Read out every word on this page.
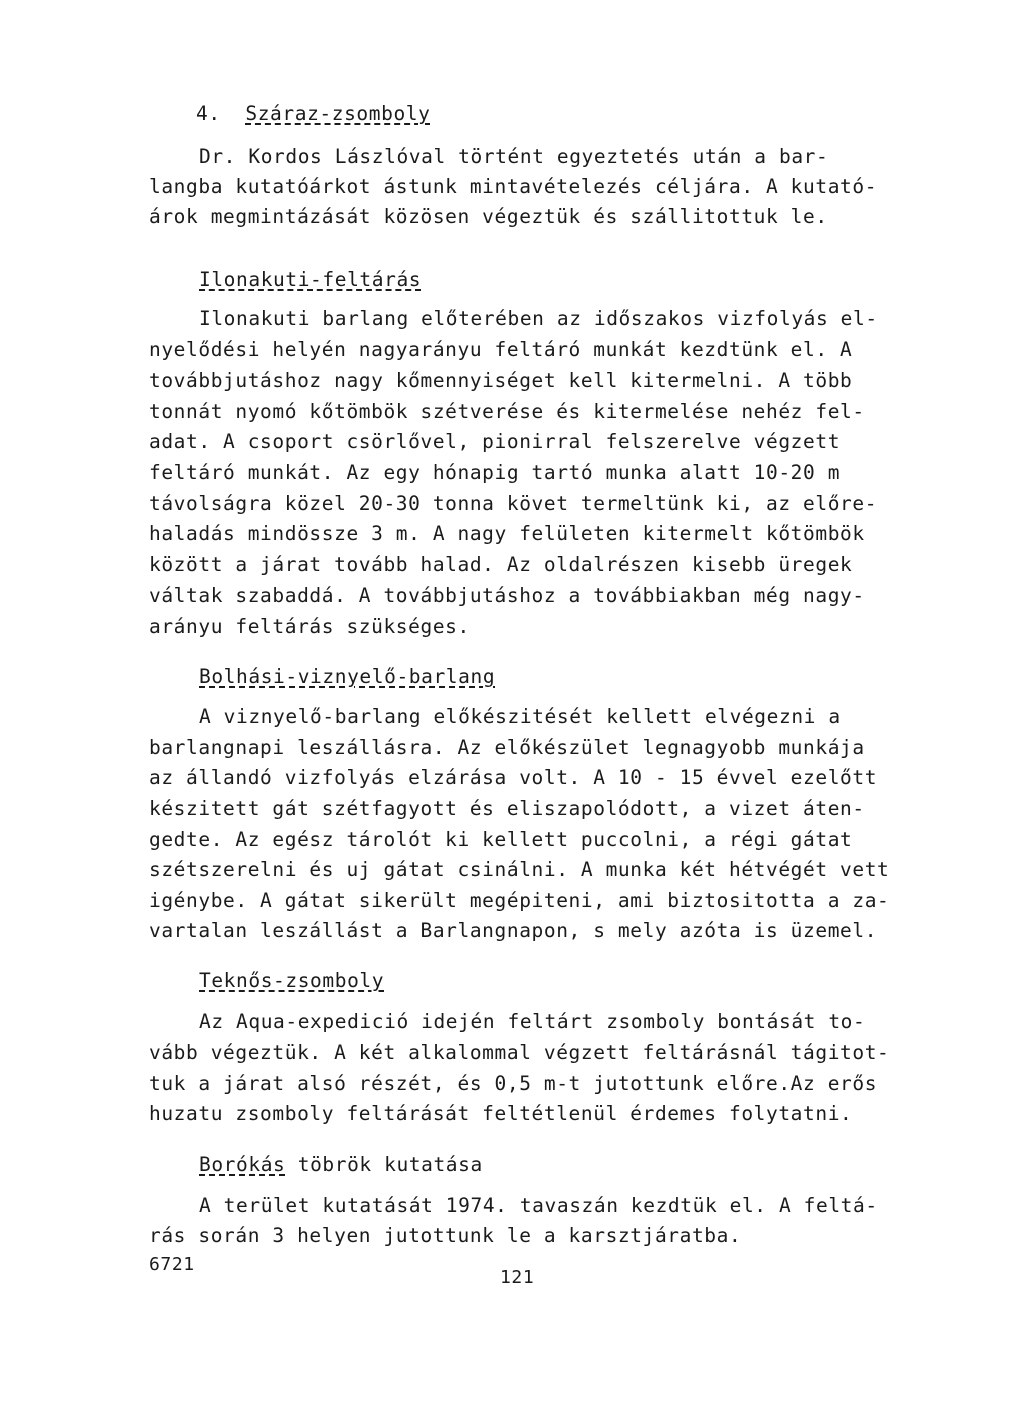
4. Száraz-zsomboly
Dr. Kordos Lászlóval történt egyeztetés után a bar-
langba kutatóárkot ástunk mintavételezés céljára. A kutató-
árok megmintázását közösen végeztük és szállitottuk le.
Ilonakuti-feltárás
Ilonakuti barlang előterében az időszakos vizfolyás el-
nyelődési helyén nagyarányu feltáró munkát kezdtünk el. A
továbbjutáshoz nagy kőmennyiséget kell kitermelni. A több
tonnát nyomó kőtömbök szétverése és kitermelése nehéz fel-
adat. A csoport csörlővel, pionirral felszerelve végzett
feltáró munkát. Az egy hónapig tartó munka alatt 10-20 m
távolságra közel 20-30 tonna követ termeltünk ki, az előre-
haladás mindössze 3 m. A nagy felületen kitermelt kőtömbök
között a járat tovább halad. Az oldalrészen kisebb üregek
váltak szabaddá. A továbbjutáshoz a továbbiakban még nagy-
arányu feltárás szükséges.
Bolhási-viznyelő-barlang
A viznyelő-barlang előkészitését kellett elvégezni a
barlangnapi leszállásra. Az előkészület legnagyobb munkája
az állandó vizfolyás elzárása volt. A 10 - 15 évvel ezelőtt
készitett gát szétfagyott és eliszapolódott, a vizet áten-
gedte. Az egész tárolót ki kellett puccolni, a régi gátat
szétszerelni és uj gátat csinálni. A munka két hétvégét vett
igénybe. A gátat sikerült megépiteni, ami biztositotta a za-
vartalan leszállást a Barlangnapon, s mely azóta is üzemel.
Teknős-zsomboly
Az Aqua-expedició idején feltárt zsomboly bontását to-
vább végeztük. A két alkalommal végzett feltárásnál tágitot-
tuk a járat alsó részét, és 0,5 m-t jutottunk előre.Az erős
huzatu zsomboly feltárását feltétlenül érdemes folytatni.
Borókás töbrök kutatása
A terület kutatását 1974. tavaszán kezdtük el. A feltá-
rás során 3 helyen jutottunk le a karsztjáratba.
6721
121
